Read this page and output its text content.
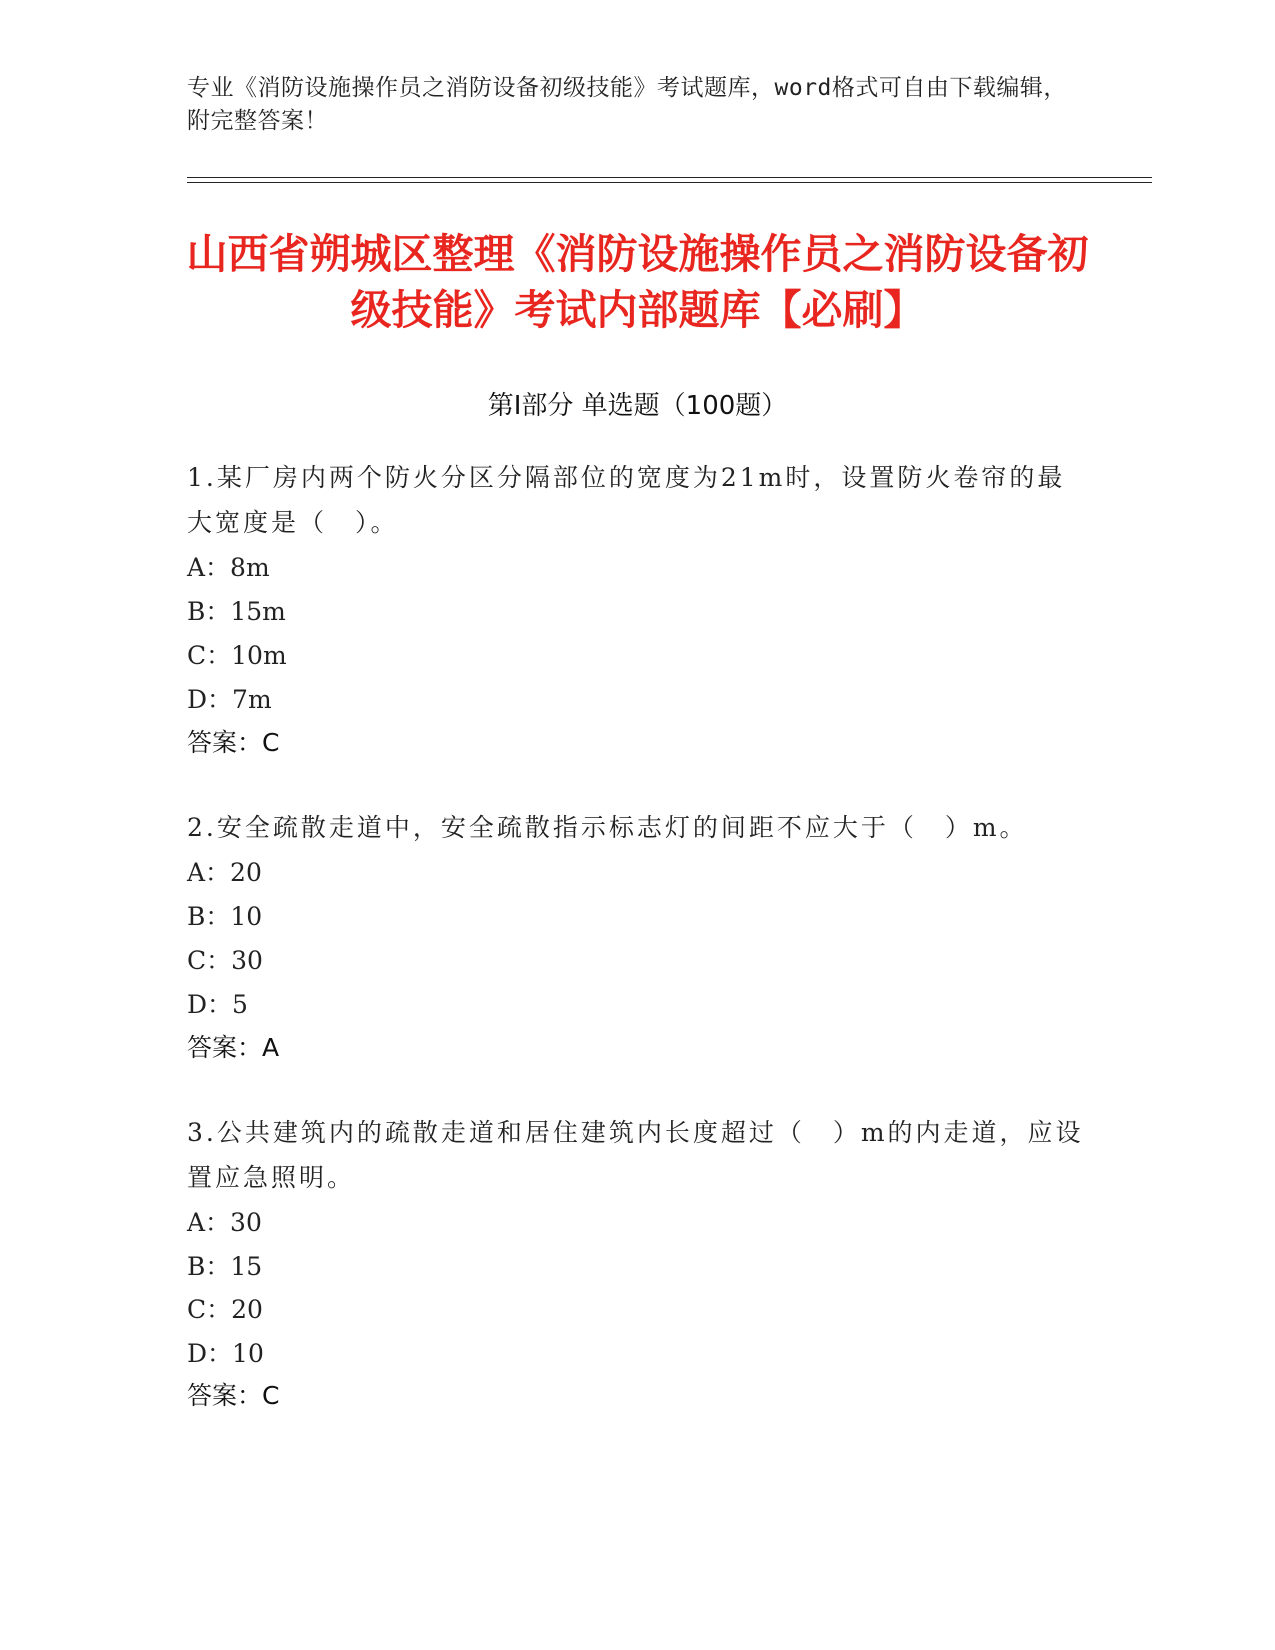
专业《消防设施操作员之消防设备初级技能》考试题库，word格式可自由下载编辑，附完整答案！
山西省朔城区整理《消防设施操作员之消防设备初级技能》考试内部题库【必刷】
第I部分 单选题（100题）
1.某厂房内两个防火分区分隔部位的宽度为21m时，设置防火卷帘的最大宽度是（　）。
A：8m
B：15m
C：10m
D：7m
答案：C
2.安全疏散走道中，安全疏散指示标志灯的间距不应大于（　）m。
A：20
B：10
C：30
D：5
答案：A
3.公共建筑内的疏散走道和居住建筑内长度超过（　）m的内走道，应设置应急照明。
A：30
B：15
C：20
D：10
答案：C
